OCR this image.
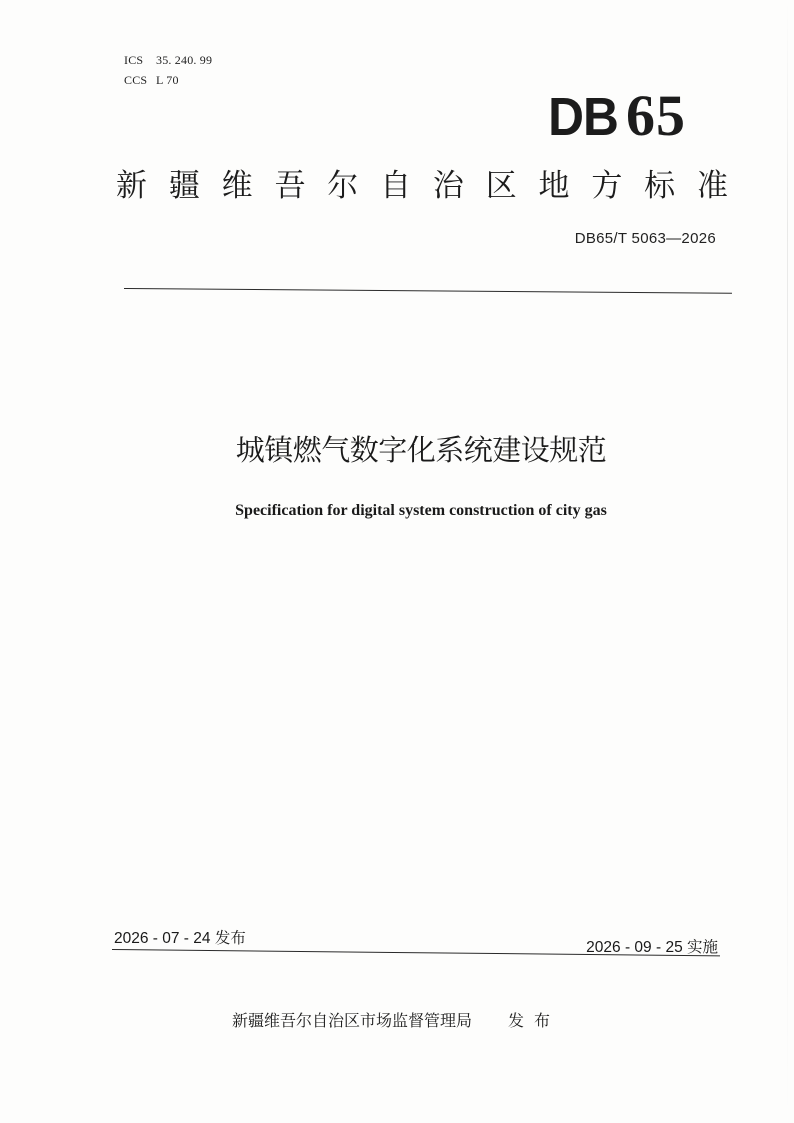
ICS 35. 240. 99
CCS L 70
DB 65
新 疆 维 吾 尔 自 治 区 地 方 标 准
DB65/T 5063—2026
城镇燃气数字化系统建设规范
Specification for digital system construction of city gas
2026 - 07 - 24 发布
2026 - 09 - 25 实施
新疆维吾尔自治区市场监督管理局 发布
